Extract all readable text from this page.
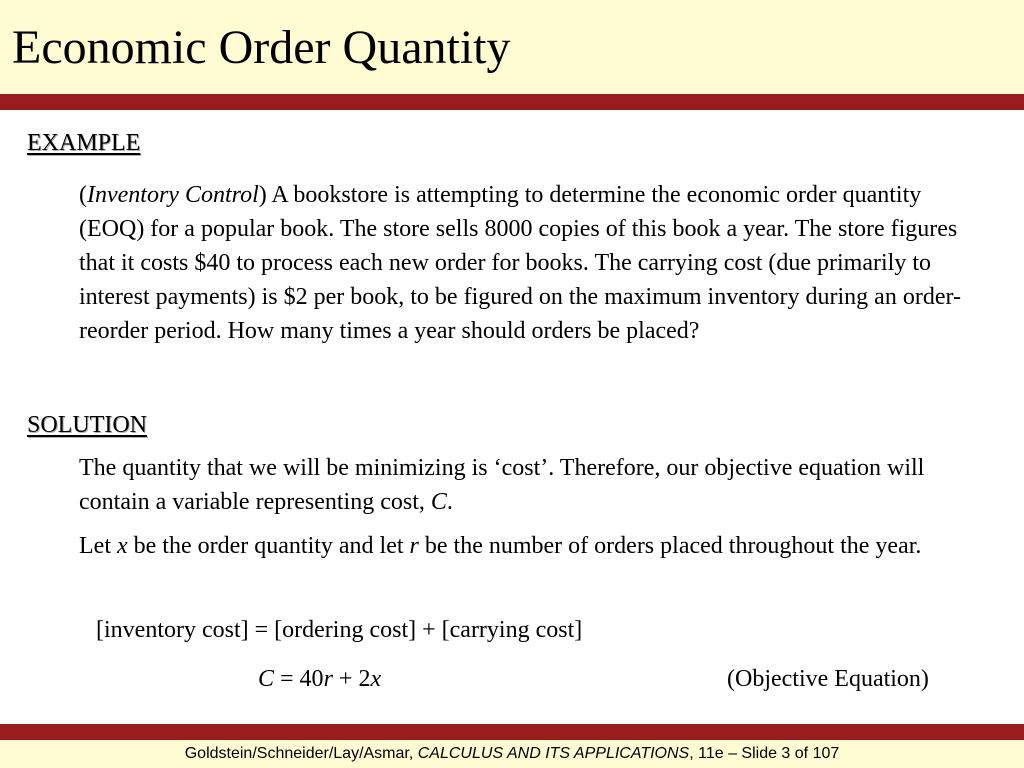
Economic Order Quantity
EXAMPLE
(Inventory Control) A bookstore is attempting to determine the economic order quantity (EOQ) for a popular book. The store sells 8000 copies of this book a year. The store figures that it costs $40 to process each new order for books. The carrying cost (due primarily to interest payments) is $2 per book, to be figured on the maximum inventory during an order-reorder period. How many times a year should orders be placed?
SOLUTION
The quantity that we will be minimizing is ‘cost’. Therefore, our objective equation will contain a variable representing cost, C.
Let x be the order quantity and let r be the number of orders placed throughout the year.
[inventory cost] = [ordering cost] + [carrying cost]
C = 40r + 2x	(Objective Equation)
Goldstein/Schneider/Lay/Asmar, CALCULUS AND ITS APPLICATIONS, 11e – Slide 3 of 107
